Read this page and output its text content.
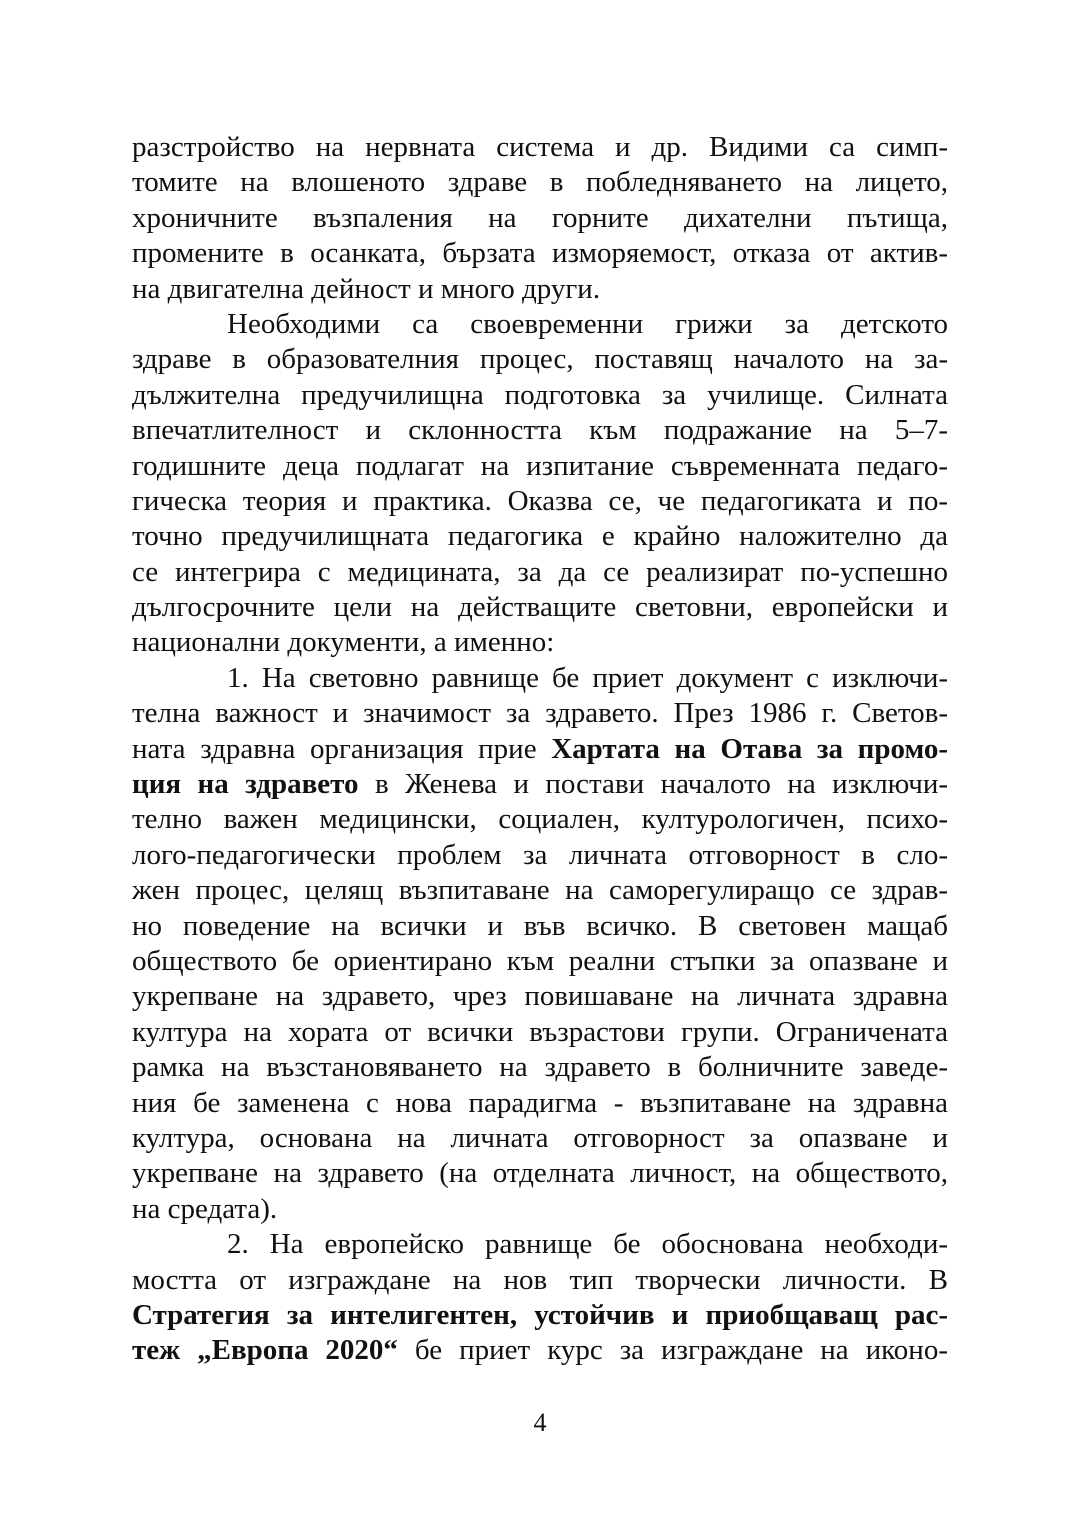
разстройство на нервната система и др. Видими са симп-
томите на влошеното здраве в побледняването на лицето,
хроничните възпаления на горните дихателни пътища,
промените в осанката, бързата изморяемост, отказа от актив-
на двигателна дейност и много други.
Необходими са своевременни грижи за детското
здраве в образователния процес, поставящ началото на за-
дължителна предучилищна подготовка за училище. Силната
впечатлителност и склонността към подражание на 5–7-
годишните деца подлагат на изпитание съвременната педаго-
гическа теория и практика. Оказва се, че педагогиката и по-
точно предучилищната педагогика е крайно наложително да
се интегрира с медицината, за да се реализират по-успешно
дългосрочните цели на действащите световни, европейски и
национални документи, а именно:
1. На световно равнище бе приет документ с изключи-
телна важност и значимост за здравето. През 1986 г. Светов-
ната здравна организация прие Хартата на Отава за промо-
ция на здравето в Женева и постави началото на изключи-
телно важен медицински, социален, културологичен, психо-
лого-педагогически проблем за личната отговорност в сло-
жен процес, целящ възпитаване на саморегулиращо се здрав-
но поведение на всички и във всичко. В световен мащаб
обществото бе ориентирано към реални стъпки за опазване и
укрепване на здравето, чрез повишаване на личната здравна
култура на хората от всички възрастови групи. Ограничената
рамка на възстановяването на здравето в болничните заведе-
ния бе заменена с нова парадигма - възпитаване на здравна
култура, основана на личната отговорност за опазване и
укрепване на здравето (на отделната личност, на обществото,
на средата).
2. На европейско равнище бе обоснована необходи-
мостта от изграждане на нов тип творчески личности. В
Стратегия за интелигентен, устойчив и приобщаващ рас-
теж „Европа 2020“ бе приет курс за изграждане на иконо-
4
